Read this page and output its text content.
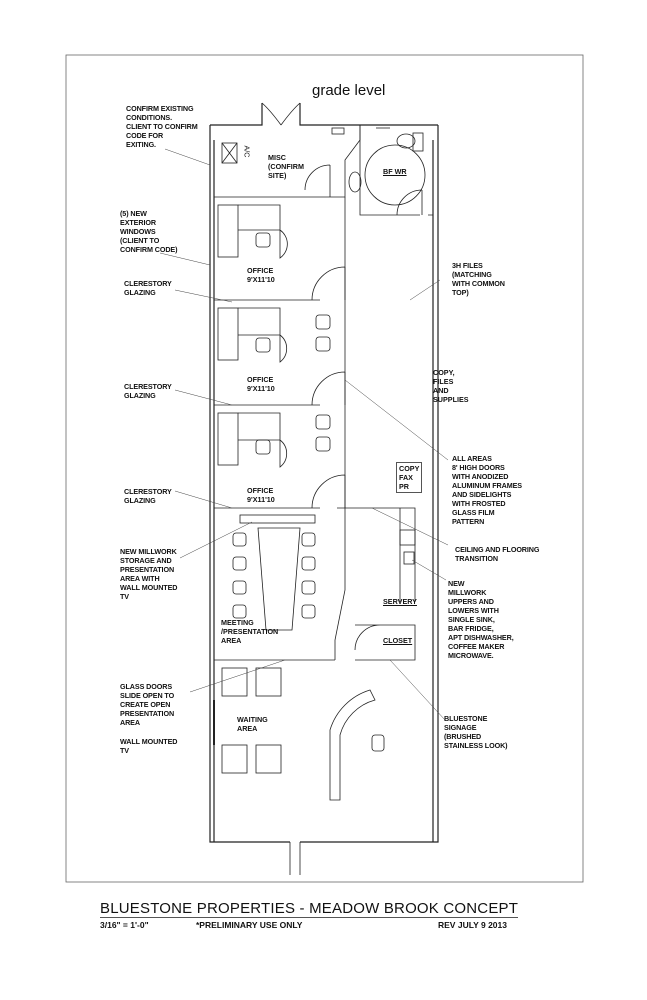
grade level
MISC
(CONFIRM
SITE)
A/C
BF WR
OFFICE
9'X11'10
OFFICE
9'X11'10
OFFICE
9'X11'10
COPY
FAX
PR
COPY,
FILES
AND
SUPPLIES
MEETING
/PRESENTATION
AREA
SERVERY
CLOSET
WAITING
AREA
CONFIRM EXISTING
CONDITIONS.
CLIENT TO CONFIRM
CODE FOR
EXITING.
(5) NEW
EXTERIOR
WINDOWS
(CLIENT TO
CONFIRM CODE)
CLERESTORY
GLAZING
CLERESTORY
GLAZING
CLERESTORY
GLAZING
NEW MILLWORK
STORAGE AND
PRESENTATION
AREA WITH
WALL MOUNTED
TV
GLASS DOORS
SLIDE OPEN TO
CREATE OPEN
PRESENTATION
AREA
WALL MOUNTED
TV
3H FILES
(MATCHING
WITH COMMON
TOP)
ALL AREAS
8' HIGH DOORS
WITH ANODIZED
ALUMINUM FRAMES
AND SIDELIGHTS
WITH FROSTED
GLASS FILM
PATTERN
CEILING AND FLOORING
TRANSITION
NEW
MILLWORK
UPPERS AND
LOWERS WITH
SINGLE SINK,
BAR FRIDGE,
APT DISHWASHER,
COFFEE MAKER
MICROWAVE.
BLUESTONE
SIGNAGE
(BRUSHED
STAINLESS LOOK)
BLUESTONE PROPERTIES - MEADOW BROOK CONCEPT
3/16" = 1'-0"	*PRELIMINARY USE ONLY	REV JULY 9 2013
